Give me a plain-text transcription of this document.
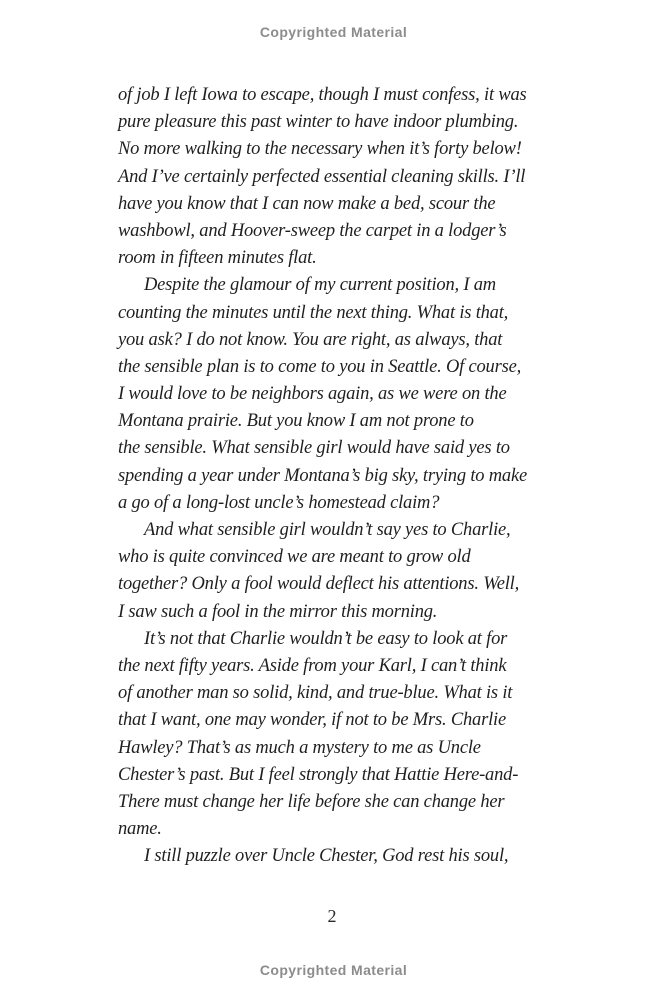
Copyrighted Material
of job I left Iowa to escape, though I must confess, it was
pure pleasure this past winter to have indoor plumbing.
No more walking to the necessary when it’s forty below!
And I’ve certainly perfected essential cleaning skills. I’ll
have you know that I can now make a bed, scour the
washbowl, and Hoover-sweep the carpet in a lodger’s
room in fifteen minutes flat.
Despite the glamour of my current position, I am
counting the minutes until the next thing. What is that,
you ask? I do not know. You are right, as always, that
the sensible plan is to come to you in Seattle. Of course,
I would love to be neighbors again, as we were on the
Montana prairie. But you know I am not prone to
the sensible. What sensible girl would have said yes to
spending a year under Montana’s big sky, trying to make
a go of a long-lost uncle’s homestead claim?
And what sensible girl wouldn’t say yes to Charlie,
who is quite convinced we are meant to grow old
together? Only a fool would deflect his attentions. Well,
I saw such a fool in the mirror this morning.
It’s not that Charlie wouldn’t be easy to look at for
the next fifty years. Aside from your Karl, I can’t think
of another man so solid, kind, and true-blue. What is it
that I want, one may wonder, if not to be Mrs. Charlie
Hawley? That’s as much a mystery to me as Uncle
Chester’s past. But I feel strongly that Hattie Here-and-
There must change her life before she can change her
name.
I still puzzle over Uncle Chester, God rest his soul,
2
Copyrighted Material
